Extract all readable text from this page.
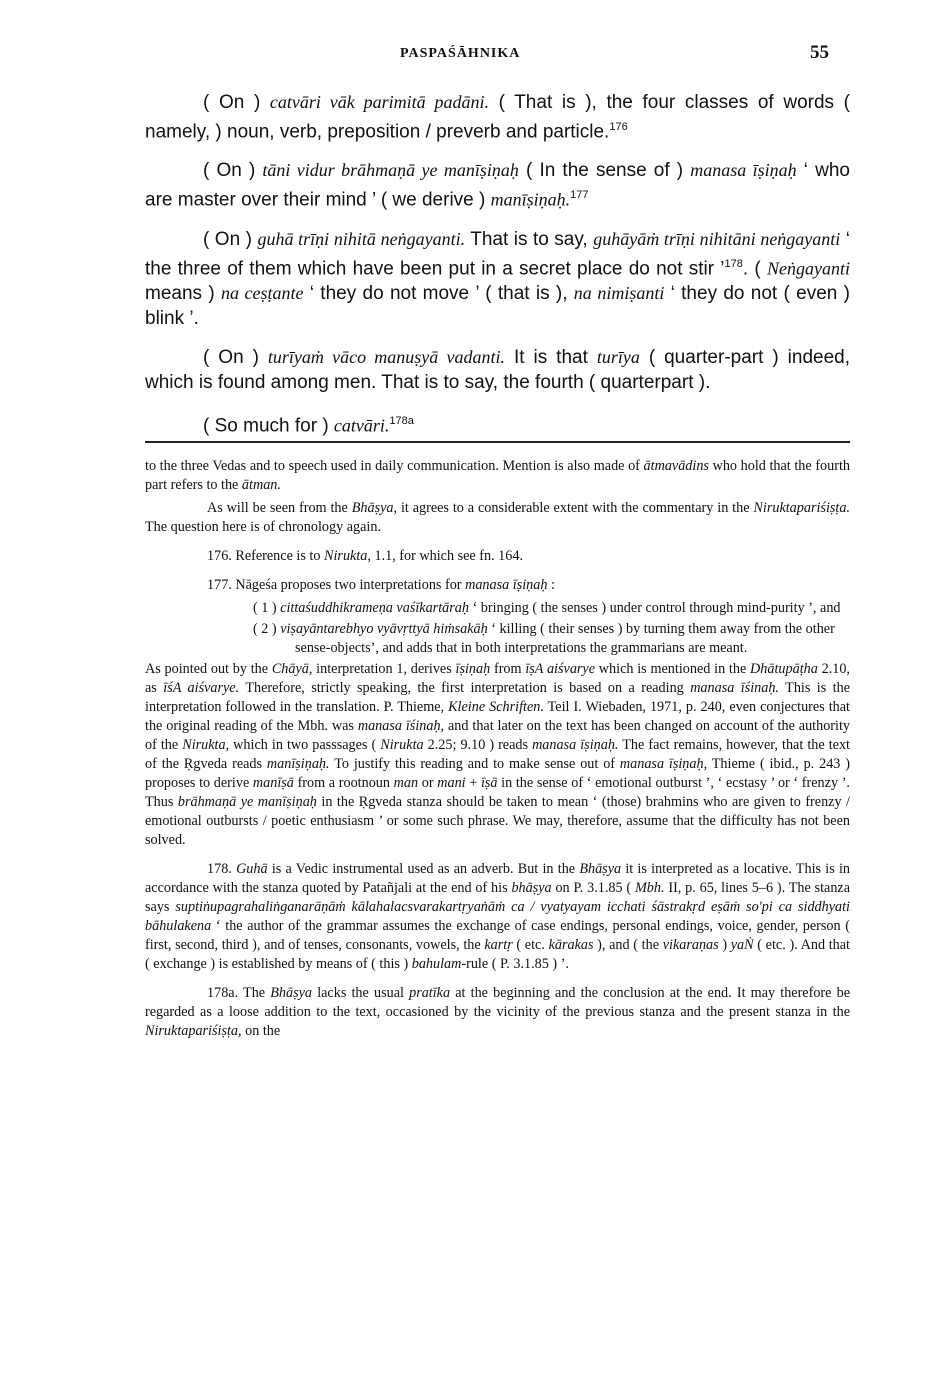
PASPAŚĀHNIKA	55

( On ) catvāri vāk parimitā padāni. ( That is ), the four classes of words ( namely, ) noun, verb, preposition / preverb and particle.$^{176}$

( On ) tāni vidur brāhmaṇā ye manīṣiṇaḥ ( In the sense of ) manasa īṣiṇaḥ ‘ who are master over their mind ’ ( we derive ) manīṣiṇaḥ.$^{177}$

( On ) guhā trīṇi nihitā neṅgayanti. That is to say, guhāyāṁ trīṇi nihitāni neṅgayanti ‘ the three of them which have been put in a secret place do not stir ’$^{178}$. ( Neṅgayanti means ) na ceṣṭante ‘ they do not move ’ ( that is ), na nimiṣanti ‘ they do not ( even ) blink ’.

( On ) turīyaṁ vāco manuṣyā vadanti. It is that turīya ( quarter-part ) indeed, which is found among men. That is to say, the fourth ( quarterpart ).

( So much for ) catvāri.$^{178a}$

to the three Vedas and to speech used in daily communication. Mention is also made of ātmavādins who hold that the fourth part refers to the ātman.

As will be seen from the Bhāṣya, it agrees to a considerable extent with the commentary in the Niruktapariśiṣṭa. The question here is of chronology again.

176. Reference is to Nirukta, 1.1, for which see fn. 164.

177. Nāgeśa proposes two interpretations for manasa īṣiṇaḥ :

( 1 ) cittaśuddhikrameṇa vaśīkartāraḥ ‘ bringing ( the senses ) under control through mind-purity ’, and

( 2 ) viṣayāntarebhyo vyāvṛttyā hiṁsakāḥ ‘ killing ( their senses ) by turning them away from the other sense-objects’, and adds that in both interpretations the grammarians are meant.

As pointed out by the Chāyā, interpretation 1, derives īṣiṇaḥ from īṣA aiśvarye which is mentioned in the Dhātupāṭha 2.10, as īśA aiśvarye. Therefore, strictly speaking, the first interpretation is based on a reading manasa īśinaḥ. This is the interpretation followed in the translation. P. Thieme, Kleine Schriften. Teil I. Wiebaden, 1971, p. 240, even conjectures that the original reading of the Mbh. was manasa īśinaḥ, and that later on the text has been changed on account of the authority of the Nirukta, which in two passsages ( Nirukta 2.25; 9.10 ) reads manasa īṣiṇaḥ. The fact remains, however, that the text of the Ṛgveda reads manīṣiṇaḥ. To justify this reading and to make sense out of manasa īṣiṇaḥ, Thieme ( ibid., p. 243 ) proposes to derive manīṣā from a rootnoun man or mani + īṣā in the sense of ‘ emotional outburst ’, ‘ ecstasy ’ or ‘ frenzy ’. Thus brāhmaṇā ye manīṣiṇaḥ in the Ṛgveda stanza should be taken to mean ‘ (those) brahmins who are given to frenzy / emotional outbursts / poetic enthusiasm ’ or some such phrase. We may, therefore, assume that the difficulty has not been solved.

178. Guhā is a Vedic instrumental used as an adverb. But in the Bhāṣya it is interpreted as a locative. This is in accordance with the stanza quoted by Patañjali at the end of his bhāṣya on P. 3.1.85 ( Mbh. II, p. 65, lines 5–6 ). The stanza says suptiṅupagrahaliṅganarāṇāṁ kālahalacsvarakartṛyaṅāṁ ca / vyatyayam icchati śāstrakṛd eṣāṁ so'pi ca siddhyati bāhulakena ‘ the author of the grammar assumes the exchange of case endings, personal endings, voice, gender, person ( first, second, third ), and of tenses, consonants, vowels, the kartṛ ( etc. kārakas ), and ( the vikaraṇas ) yaṄ ( etc. ). And that ( exchange ) is established by means of ( this ) bahulam-rule ( P. 3.1.85 ) ’.

178a. The Bhāṣya lacks the usual pratīka at the beginning and the conclusion at the end. It may therefore be regarded as a loose addition to the text, occasioned by the vicinity of the previous stanza and the present stanza in the Niruktapariśiṣṭa, on the
